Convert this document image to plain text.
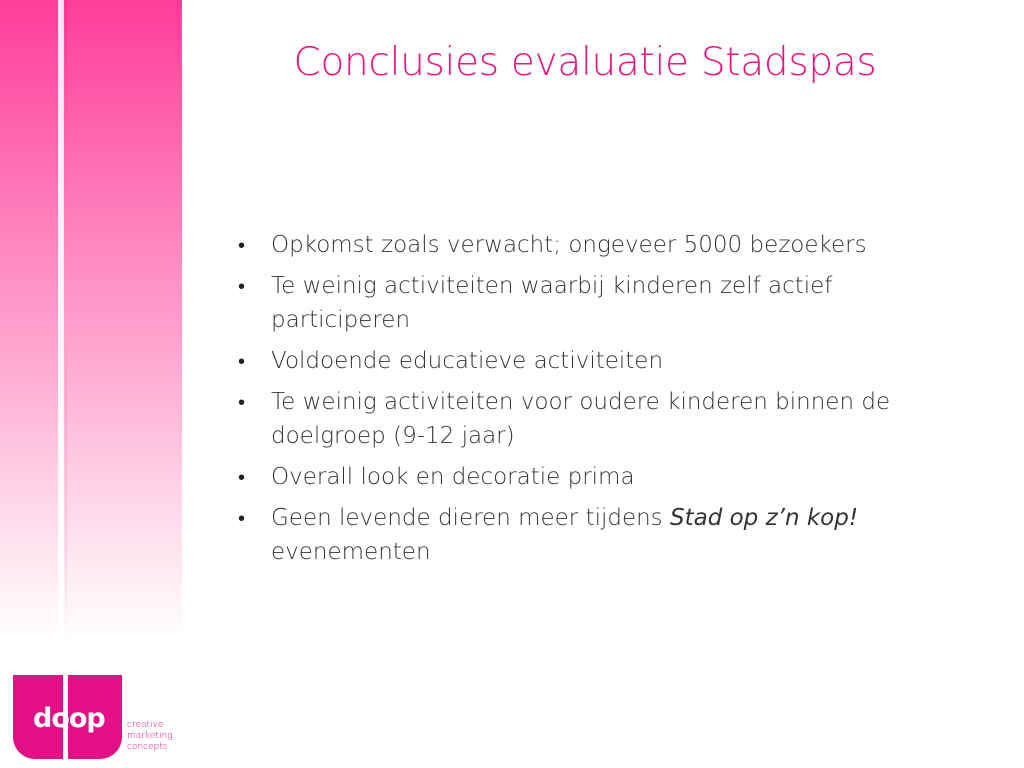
Conclusies evaluatie Stadspas
• Opkomst zoals verwacht; ongeveer 5000 bezoekers
• Te weinig activiteiten waarbij kinderen zelf actief participeren
• Voldoende educatieve activiteiten
• Te weinig activiteiten voor oudere kinderen binnen de doelgroep (9-12 jaar)
• Overall look en decoratie prima
• Geen levende dieren meer tijdens Stad op z’n kop! evenementen
doop	creative
marketing
concepts
